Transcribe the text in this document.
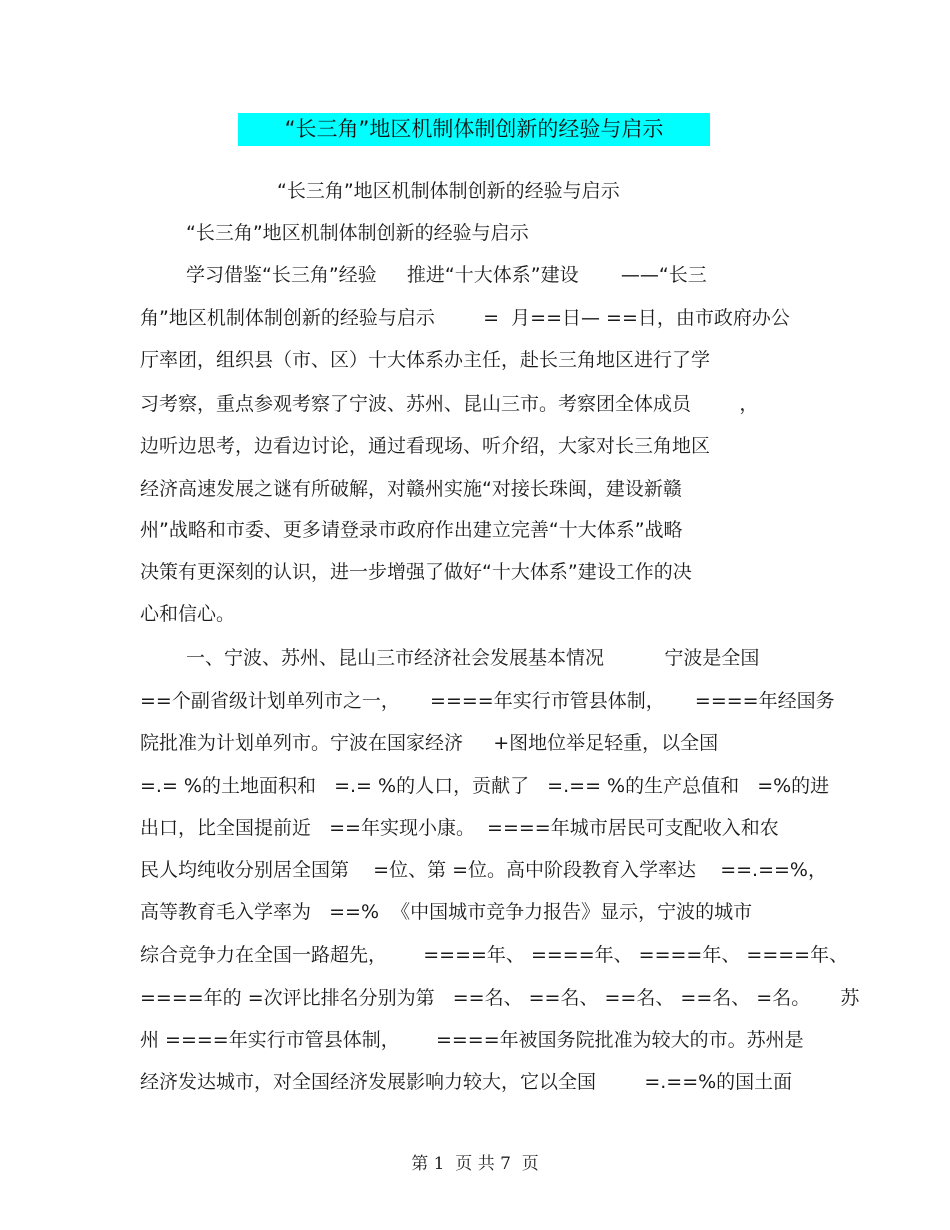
“长三角”地区机制体制创新的经验与启示
“长三角”地区机制体制创新的经验与启示
“长三角”地区机制体制创新的经验与启示
学习借鉴“长三角”经验     推进“十大体系”建设       ——“长三
角”地区机制体制创新的经验与启示        =  月==日— ==日，由市政府办公
厅率团，组织县（市、区）十大体系办主任，赴长三角地区进行了学
习考察，重点参观考察了宁波、苏州、昆山三市。考察团全体成员        ，
边听边思考，边看边讨论，通过看现场、听介绍，大家对长三角地区
经济高速发展之谜有所破解，对赣州实施“对接长珠闽，建设新赣
州”战略和市委、更多请登录市政府作出建立完善“十大体系”战略
决策有更深刻的认识，进一步增强了做好“十大体系”建设工作的决
心和信心。
一、宁波、苏州、昆山三市经济社会发展基本情况          宁波是全国
==个副省级计划单列市之一，     ====年实行市管县体制，     ====年经国务
院批准为计划单列市。宁波在国家经济     +图地位举足轻重，以全国
=.= %的土地面积和   =.= %的人口，贡献了   =.== %的生产总值和   =%的进
出口，比全国提前近   ==年实现小康。  ====年城市居民可支配收入和农
民人均纯收分别居全国第    =位、第 =位。高中阶段教育入学率达    ==.==%，
高等教育毛入学率为   ==%  《中国城市竞争力报告》显示，宁波的城市
综合竞争力在全国一路超先，      ====年、 ====年、 ====年、 ====年、
====年的 =次评比排名分别为第   ==名、 ==名、 ==名、 ==名、 =名。     苏
州 ====年实行市管县体制，      ====年被国务院批准为较大的市。苏州是
经济发达城市，对全国经济发展影响力较大，它以全国        =.==%的国土面
第 1  页 共 7  页
